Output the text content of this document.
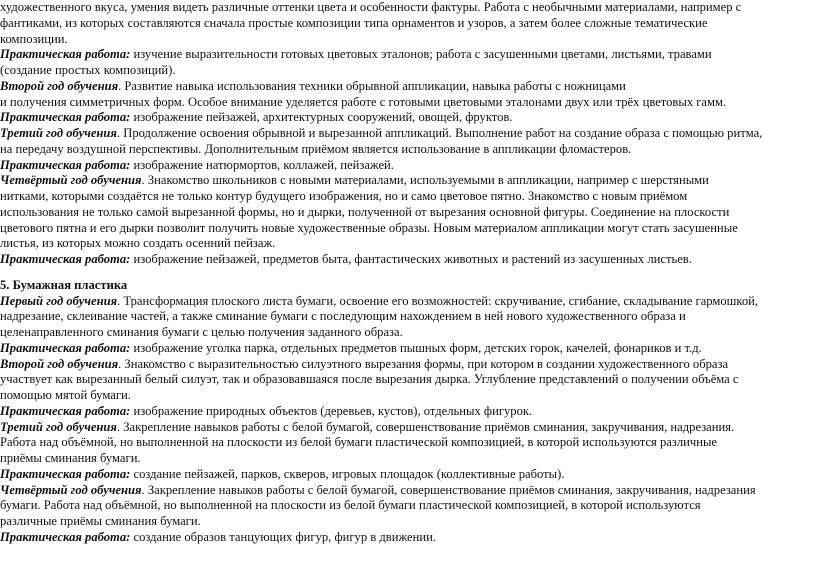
художественного вкуса, умения видеть различные оттенки цвета и особенности фактуры. Работа с необычными материалами, например с
фантиками, из которых составляются сначала простые композиции типа орнаментов и узоров, а затем более сложные тематические
композиции.
Практическая работа: изучение выразительности готовых цветовых эталонов; работа с засушенными цветами, листьями, травами
(создание простых композиций).
Второй год обучения. Развитие навыка использования техники обрывной аппликации, навыка работы с ножницами
и получения симметричных форм. Особое внимание уделяется работе с готовыми цветовыми эталонами двух или трёх цветовых гамм.
Практическая работа: изображение пейзажей, архитектурных сооружений, овощей, фруктов.
Третий год обучения. Продолжение освоения обрывной и вырезанной аппликаций. Выполнение работ на создание образа с помощью ритма,
на передачу воздушной перспективы. Дополнительным приёмом является использование в аппликации фломастеров.
Практическая работа: изображение натюрмортов, коллажей, пейзажей.
Четвёртый год обучения. Знакомство школьников с новыми материалами, используемыми в аппликации, например с шерстяными
нитками, которыми создаётся не только контур будущего изображения, но и само цветовое пятно. Знакомство с новым приёмом
использования не только самой вырезанной формы, но и дырки, полученной от вырезания основной фигуры. Соединение на плоскости
цветового пятна и его дырки позволит получить новые художественные образы. Новым материалом аппликации могут стать засушенные
листья, из которых можно создать осенний пейзаж.
Практическая работа: изображение пейзажей, предметов быта, фантастических животных и растений из засушенных листьев.
5. Бумажная пластика
Первый год обучения. Трансформация плоского листа бумаги, освоение его возможностей: скручивание, сгибание, складывание гармошкой,
надрезание, склеивание частей, а также сминание бумаги с последующим нахождением в ней нового художественного образа и
целенаправленного сминания бумаги с целью получения заданного образа.
Практическая работа: изображение уголка парка, отдельных предметов пышных форм, детских горок, качелей, фонариков и т.д.
Второй год обучения. Знакомство с выразительностью силуэтного вырезания формы, при котором в создании художественного образа
участвует как вырезанный белый силуэт, так и образовавшаяся после вырезания дырка. Углубление представлений о получении объёма с
помощью мятой бумаги.
Практическая работа: изображение природных объектов (деревьев, кустов), отдельных фигурок.
Третий год обучения. Закрепление навыков работы с белой бумагой, совершенствование приёмов сминания, закручивания, надрезания.
Работа над объёмной, но выполненной на плоскости из белой бумаги пластической композицией, в которой используются различные
приёмы сминания бумаги.
Практическая работа: создание пейзажей, парков, скверов, игровых площадок (коллективные работы).
Четвёртый год обучения. Закрепление навыков работы с белой бумагой, совершенствование приёмов сминания, закручивания, надрезания
бумаги. Работа над объёмной, но выполненной на плоскости из белой бумаги пластической композицией, в которой используются
различные приёмы сминания бумаги.
Практическая работа: создание образов танцующих фигур, фигур в движении.
